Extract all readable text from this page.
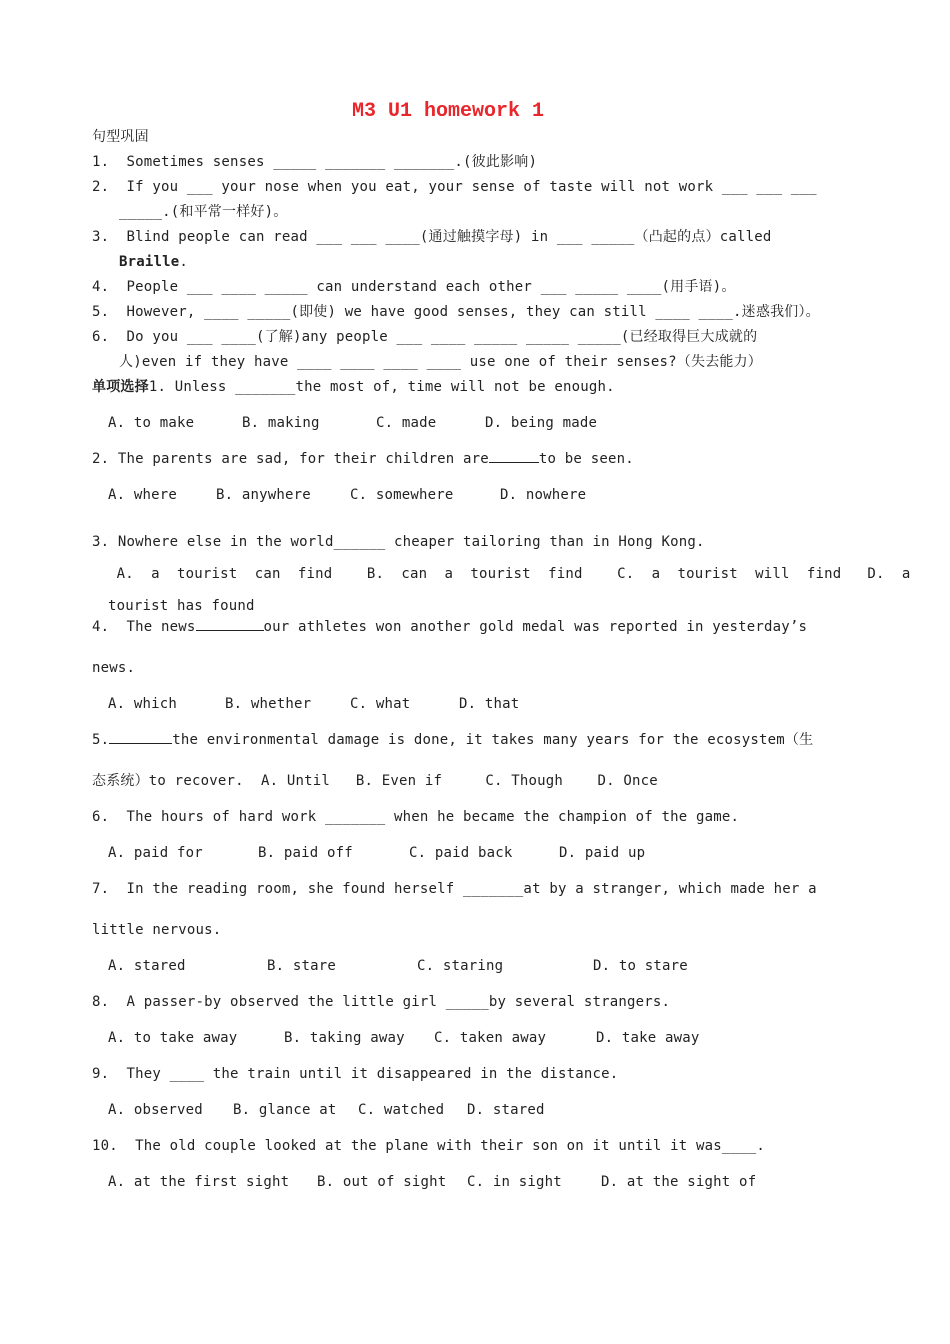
M3 U1 homework 1
句型巩固
1.  Sometimes senses _____ _______ _______.(彼此影响)
2.  If you ___ your nose when you eat, your sense of taste will not work ___ ___ ___
_____.(和平常一样好)。
3.  Blind people can read ___ ___ ____(通过触摸字母) in ___ _____（凸起的点）called
Braille.
4.  People ___ ____ _____ can understand each other ___ _____ ____(用手语)。
5.  However, ____ _____(即使) we have good senses, they can still ____ ____.迷惑我们）。
6.  Do you ___ ____(了解)any people ___ ____ _____ _____ _____(已经取得巨大成就的
人)even if they have ____ ____ ____ ____ use one of their senses?（失去能力）
单项选择1. Unless _______the most of, time will not be enough.
A. to make	B. making	C. made	D. being made
2. The parents are sad, for their children are	to be seen.
A. where	B. anywhere	C. somewhere	D. nowhere
3. Nowhere else in the world______ cheaper tailoring than in Hong Kong.
A.  a  tourist  can  find    B.  can  a  tourist  find    C.  a  tourist  will  find   D.  a
tourist has found
4.  The news	our athletes won another gold medal was reported in yesterday’s
news.
A. which	B. whether	C. what	D. that
5.	the environmental damage is done, it takes many years for the ecosystem（生
态系统）to recover.  A. Until   B. Even if     C. Though    D. Once
6.  The hours of hard work _______ when he became the champion of the game.
A. paid for	B. paid off	C. paid back	D. paid up
7.  In the reading room, she found herself _______at by a stranger, which made her a
little nervous.
A. stared	B. stare	C. staring	D. to stare
8.  A passer-by observed the little girl _____by several strangers.
A. to take away	B. taking away C. taken away	D. take away
9.  They ____ the train until it disappeared in the distance.
A. observed B. glance at C. watched D. stared
10.  The old couple looked at the plane with their son on it until it was____.
A. at the first sight B. out of sight C. in sight	D. at the sight of
